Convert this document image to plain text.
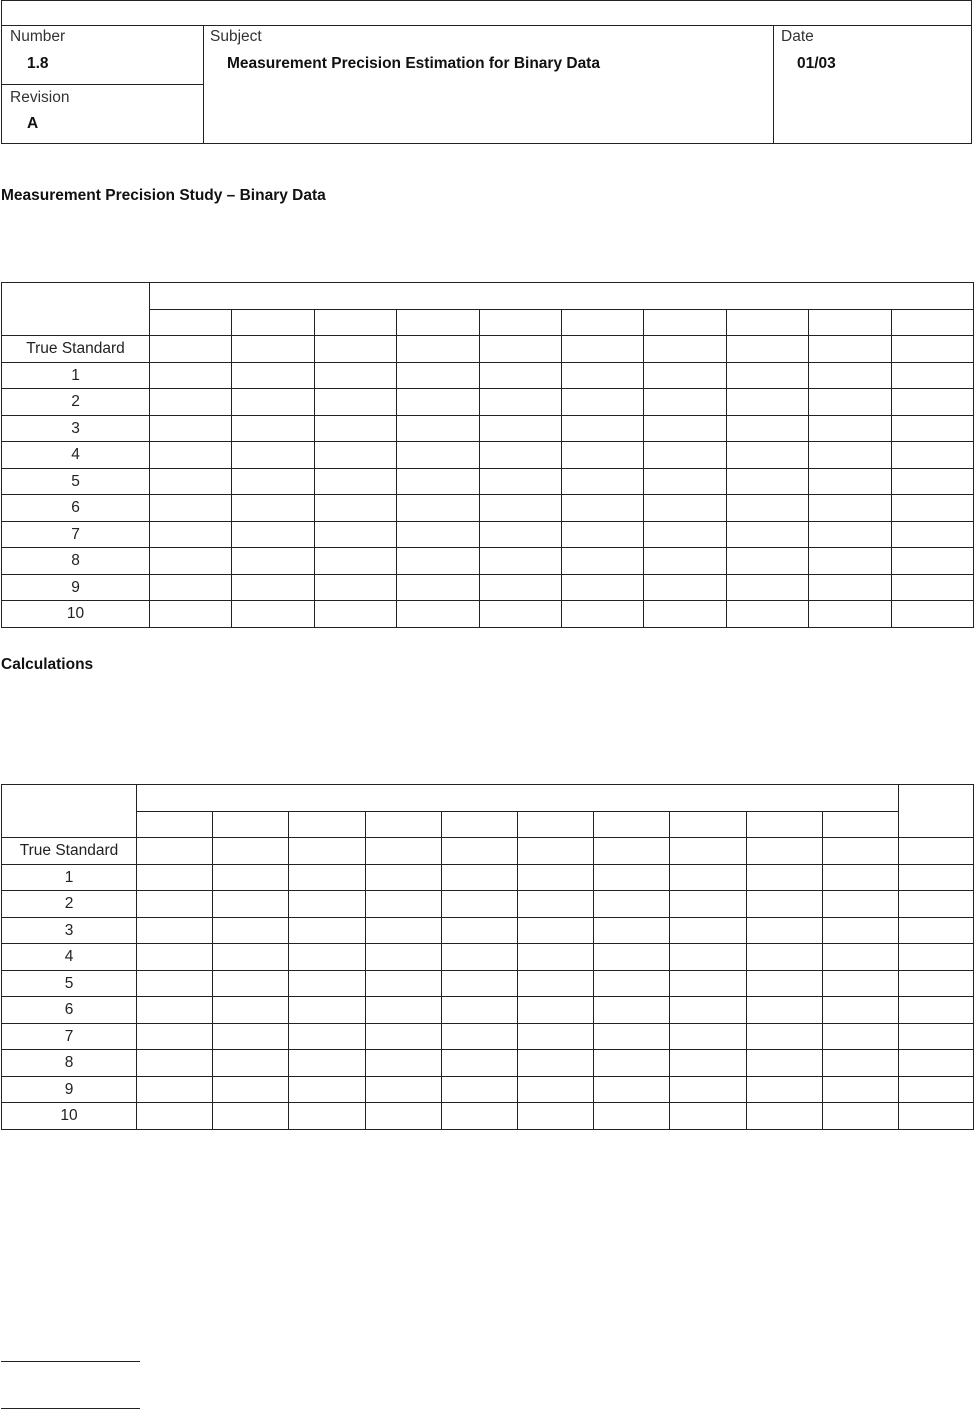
Number
1.8
Revision
A
Subject
Measurement Precision Estimation for Binary Data
Date
01/03
Measurement Precision Study – Binary Data

True Standard										
1										
2										
3										
4										
5										
6										
7										
8										
9										
10										
Calculations

True Standard											
1											
2											
3											
4											
5											
6											
7											
8											
9											
10											
